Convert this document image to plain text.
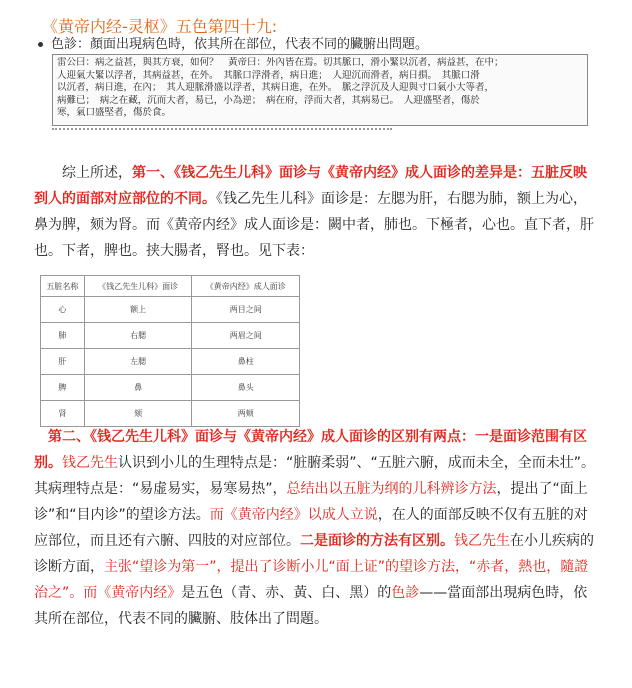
《黄帝内经-灵枢》五色第四十九:
色診：顏面出現病色時，依其所在部位，代表不同的臟腑出問題。
雷公曰：病之益甚，與其方衰，如何？　黃帝曰：外內皆在焉。切其脈口，滑小緊以沉者，病益甚，在中；
人迎氣大緊以浮者，其病益甚，在外。　其脈口浮滑者，病日進；　人迎沉而滑者，病日損。　其脈口滑
以沉者，病日進，在內；　其人迎脈滑盛以浮者，其病日進，在外。　脈之浮沉及人迎與寸口氣小大等者，
病難已；　病之在藏，沉而大者，易已，小為逆；　病在府，浮而大者，其病易已。　人迎盛堅者，傷於
寒，氣口盛堅者，傷於食。

综上所述，第一、《钱乙先生儿科》面诊与《黄帝内经》成人面诊的差异是：五脏反映到人的面部对应部位的不同。《钱乙先生儿科》面诊是：左腮为肝，右腮为肺，额上为心，鼻为脾，颏为肾。而《黄帝内经》成人面诊是：闕中者，肺也。下極者，心也。直下者，肝也。下者，脾也。挟大腸者，腎也。见下表：

五脏名称	《钱乙先生儿科》面诊	《黄帝内经》成人面诊
心	额上	两目之间
肺	右腮	两眉之间
肝	左腮	鼻柱
脾	鼻	鼻头
肾	颏	两颊

第二、《钱乙先生儿科》面诊与《黄帝内经》成人面诊的区别有两点：一是面诊范围有区别。钱乙先生认识到小儿的生理特点是：“脏腑柔弱”、“五脏六腑，成而未全，全而未壮”。其病理特点是：“易虚易实，易寒易热”，总结出以五脏为纲的儿科辨诊方法，提出了“面上诊”和“目内诊”的望诊方法。而《黄帝内经》以成人立说，在人的面部反映不仅有五脏的对应部位，而且还有六腑、四肢的对应部位。二是面诊的方法有区别。钱乙先生在小儿疾病的诊断方面，主张“望诊为第一”，提出了诊断小儿“面上证”的望诊方法，“赤者，熱也，隨證治之”。而《黄帝内经》是五色（青、赤、黃、白、黑）的色診——當面部出現病色時，依其所在部位，代表不同的臟腑、肢体出了問題。
